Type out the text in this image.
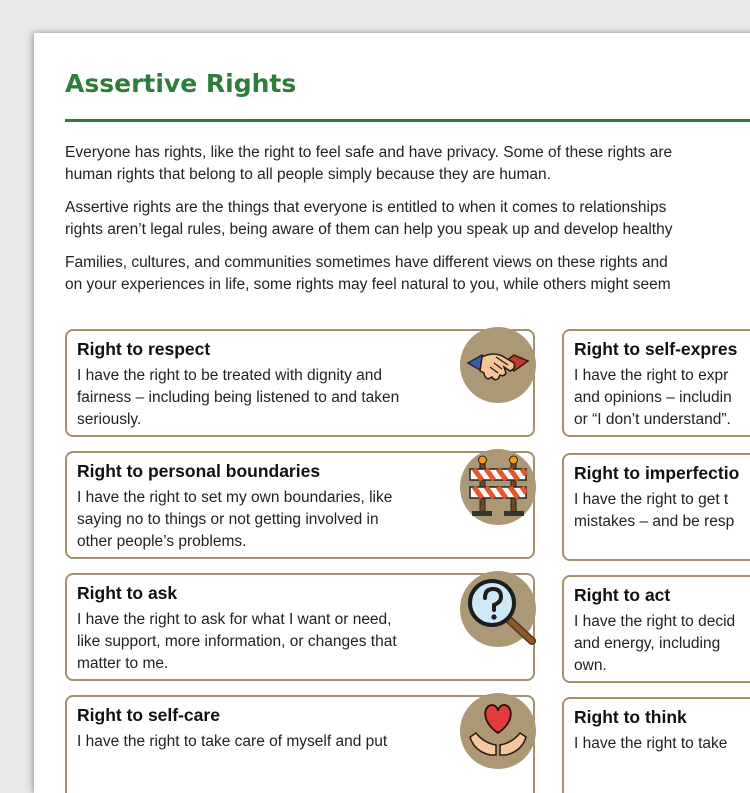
Assertive Rights

Everyone has rights, like the right to feel safe and have privacy. Some of these rights are
human rights that belong to all people simply because they are human.

Assertive rights are the things that everyone is entitled to when it comes to relationships
rights aren’t legal rules, being aware of them can help you speak up and develop healthy

Families, cultures, and communities sometimes have different views on these rights and
on your experiences in life, some rights may feel natural to you, while others might seem

Right to respect

I have the right to be treated with dignity and
fairness – including being listened to and taken
seriously.

Right to personal boundaries

I have the right to set my own boundaries, like
saying no to things or not getting involved in
other people’s problems.

Right to ask

I have the right to ask for what I want or need,
like support, more information, or changes that
matter to me.

Right to self-care

I have the right to take care of myself and put

Right to self-expres

I have the right to expr
and opinions – includin
or “I don’t understand”.

Right to imperfectio

I have the right to get t
mistakes – and be resp

Right to act

I have the right to decid
and energy, including
own.

Right to think

I have the right to take
